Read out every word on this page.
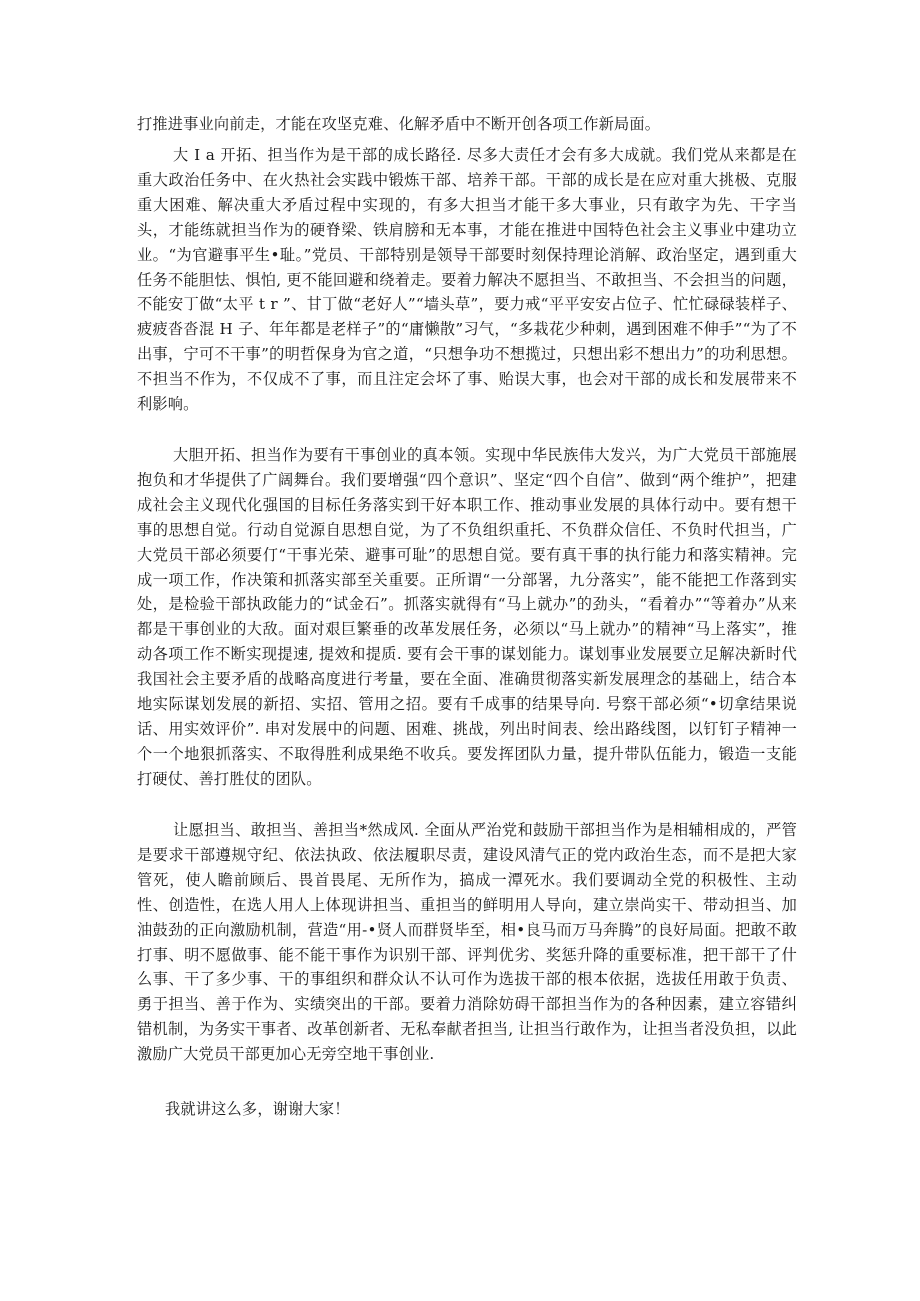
打推进事业向前走，才能在攻坚克难、化解矛盾中不断开创各项工作新局面。

大 I a 开拓、担当作为是干部的成长路径. 尽多大责任才会有多大成就。我们党从来都是在重大政治任务中、在火热社会实践中锻炼干部、培养干部。干部的成长是在应对重大挑极、克服重大困难、解决重大矛盾过程中实现的，有多大担当才能干多大事业，只有敢字为先、干字当头，才能练就担当作为的硬脊梁、铁肩膀和无本事，才能在推进中国特色社会主义事业中建功立业。“为官避事平生•耻。”党员、干部特别是领导干部要时刻保持理论消解、政治坚定，遇到重大任务不能胆怯、惧怕, 更不能回避和绕着走。要着力解决不愿担当、不敢担当、不会担当的问题，不能安丁做“太平 t r ”、甘丁做“老好人”“墙头草”，要力戒“平平安安占位子、忙忙碌碌装样子、疲疲沓沓混 H 子、年年都是老样子”的“庸懒散”习气，“多栽花少种刺，遇到困难不伸手”“为了不出事，宁可不干事”的明哲保身为官之道，“只想争功不想揽过，只想出彩不想出力”的功利思想。不担当不作为，不仅成不了事，而且注定会坏了事、贻误大事，也会对干部的成长和发展带来不利影响。

大胆开拓、担当作为要有干事创业的真本领。实现中华民族伟大发兴，为广大党员干部施展抱负和才华提供了广阔舞台。我们要增强“四个意识”、坚定“四个自信”、做到“两个维护”，把建成社会主义现代化强国的目标任务落实到干好本职工作、推动事业发展的具体行动中。要有想干事的思想自觉。行动自觉源自思想自觉，为了不负组织重托、不负群众信任、不负时代担当，广大党员干部必须要仃“干事光荣、避事可耻”的思想自觉。要有真干事的执行能力和落实精神。完成一项工作，作决策和抓落实部至关重要。正所谓“一分部署，九分落实”，能不能把工作落到实处，是检验干部执政能力的“试金石”。抓落实就得有“马上就办”的劲头，“看着办”“等着办”从来都是干事创业的大敌。面对艰巨繁垂的改革发展任务，必须以“马上就办”的精神“马上落实”，推动各项工作不断实现提速, 提效和提质. 要有会干事的谋划能力。谋划事业发展要立足解决新时代我国社会主要矛盾的战略高度进行考量，要在全面、准确贯彻落实新发展理念的基础上，结合本地实际谋划发展的新招、实招、管用之招。要有千成事的结果导向. 号察干部必须“•切拿结果说话、用实效评价”. 串对发展中的问题、困难、挑战，列出时间表、绘出路线图，以钉钉子精神一个一个地狠抓落实、不取得胜利成果绝不收兵。要发挥团队力量，提升带队伍能力，锻造一支能打硬仗、善打胜仗的团队。

让愿担当、敢担当、善担当*然成风. 全面从严治党和鼓励干部担当作为是相辅相成的，严管是要求干部遵规守纪、依法执政、依法履职尽责，建设风清气正的党内政治生态，而不是把大家管死，使人瞻前顾后、畏首畏尾、无所作为，搞成一潭死水。我们要调动全党的积极性、主动性、创造性，在选人用人上体现讲担当、重担当的鲜明用人导向，建立崇尚实干、带动担当、加油鼓劲的正向激励机制，营造“用-•贤人而群贤毕至，相•良马而万马奔腾”的良好局面。把敢不敢打事、明不愿做事、能不能干事作为识别干部、评判优劣、奖惩升降的重要标准，把干部干了什么事、干了多少事、干的事组织和群众认不认可作为选拔干部的根本依据，选拔任用敢于负责、勇于担当、善于作为、实绩突出的干部。要着力消除妨碍干部担当作为的各种因素，建立容错纠错机制，为务实干事者、改革创新者、无私奉献者担当, 让担当行敢作为，让担当者没负担，以此激励广大党员干部更加心无旁空地干事创业.

我就讲这么多，谢谢大家！
